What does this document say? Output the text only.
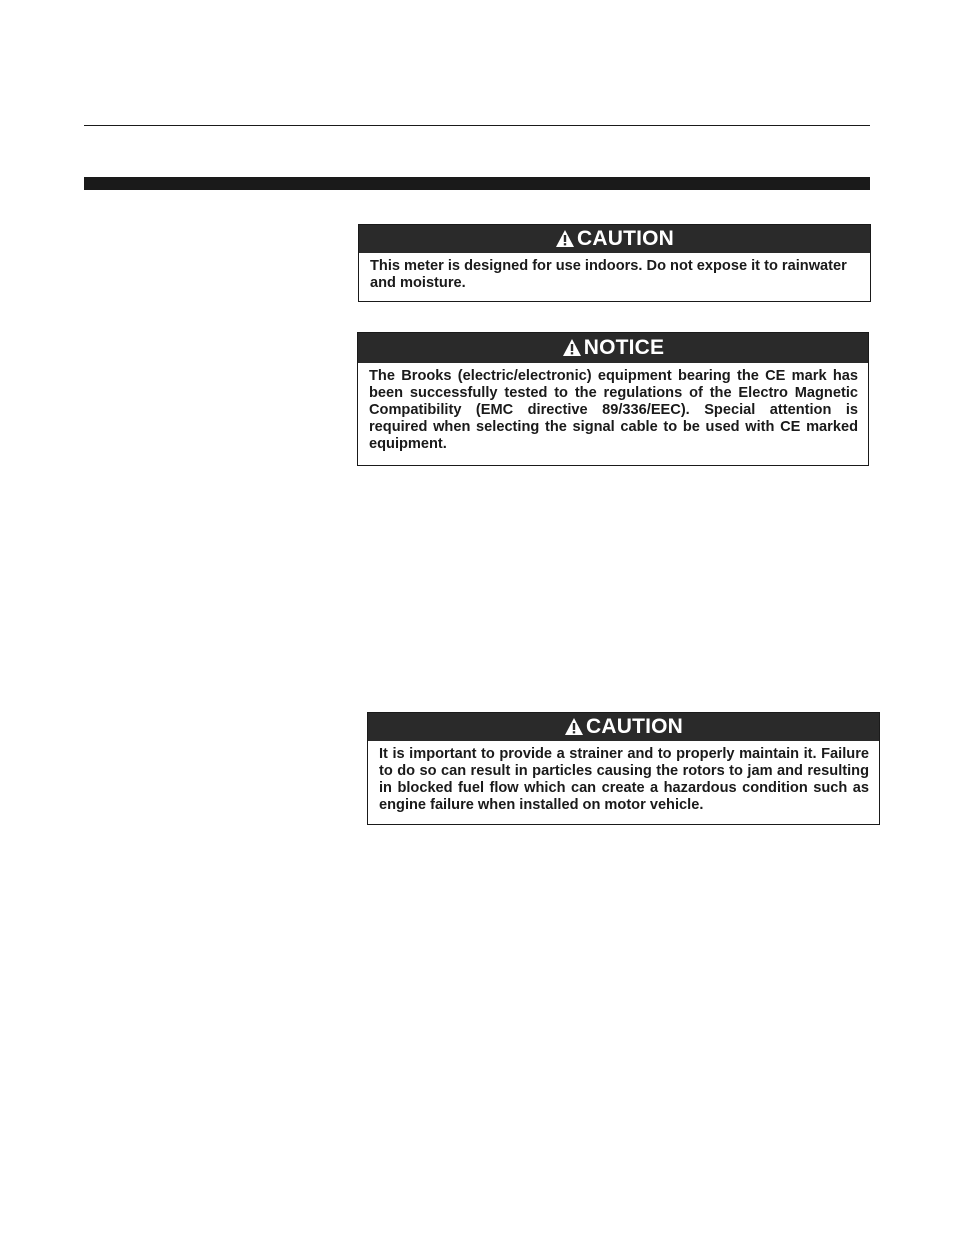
CAUTION
This meter is designed for use indoors. Do not expose it to rainwater and moisture.
NOTICE
The Brooks (electric/electronic) equipment bearing the CE mark has been successfully tested to the regulations of the Electro Magnetic Compatibility (EMC directive 89/336/EEC). Special attention is required when selecting the signal cable to be used with CE marked equipment.
CAUTION
It is important to provide a strainer and to properly maintain it. Failure to do so can result in particles causing the rotors to jam and resulting in blocked fuel flow which can create a hazardous condition such as engine failure when installed on motor vehicle.
